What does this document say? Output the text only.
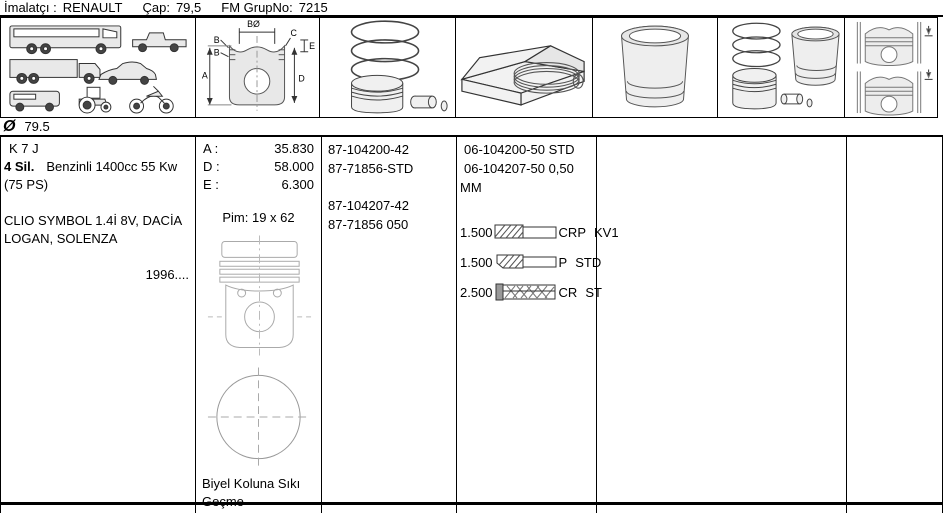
İmalatçı : RENAULT Çap: 79,5 FM GrupNo: 7215
BØ
B
B
C
E
A	D
Ø 79.5
K 7 J
4 Sil. Benzinli 1400cc 55 Kw (75 PS)
CLIO SYMBOL 1.4İ 8V, DACİA LOGAN, SOLENZA
1996....
A :	35.830
D :	58.000
E :	6.300
Pim: 19 x 62
Biyel Koluna Sıkı Geçme
87-104200-42
87-71856-STD
87-104207-42
87-71856 050
06-104200-50 STD
06-104207-50 0,50
MM
1.500	CRP KV1
1.500	P STD
2.500	CR ST
